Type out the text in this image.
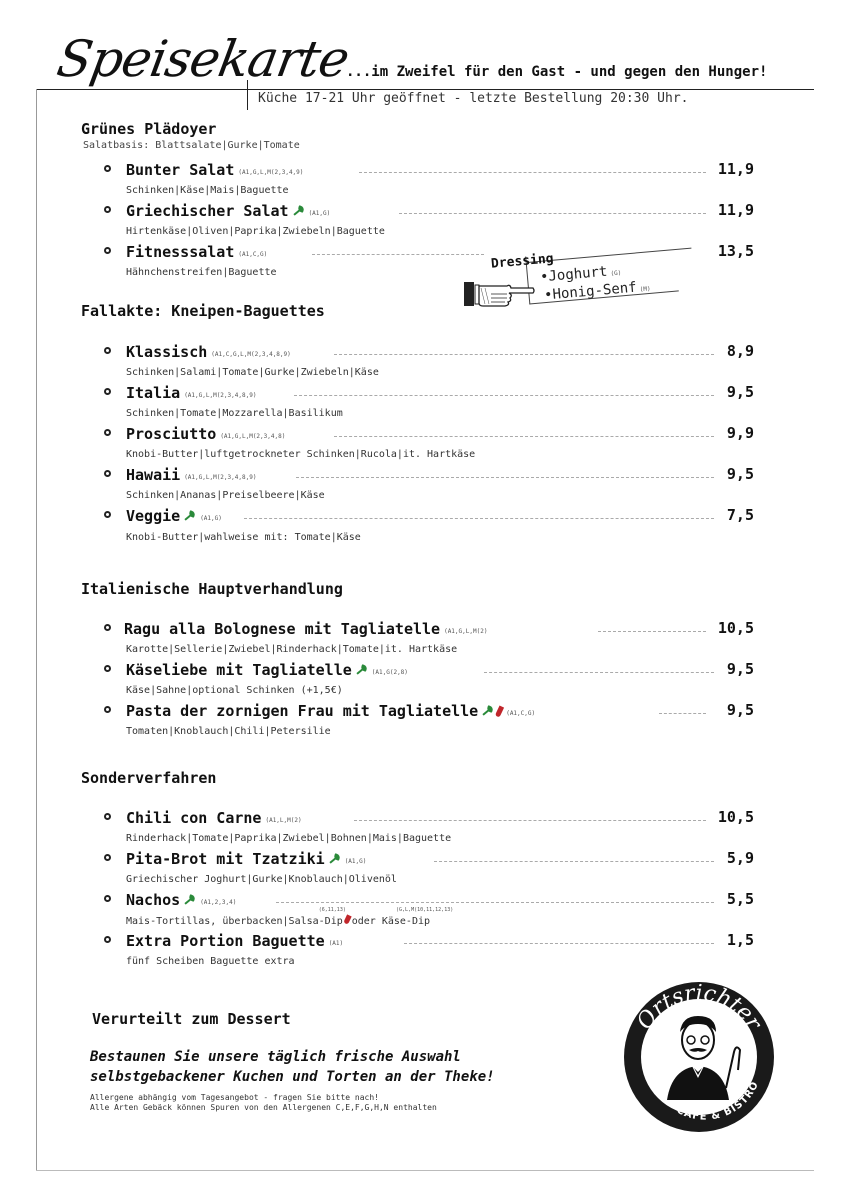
Speisekarte
...im Zweifel für den Gast - und gegen den Hunger!
Küche 17-21 Uhr geöffnet - letzte Bestellung 20:30 Uhr.
Grünes Plädoyer
Salatbasis: Blattsalate|Gurke|Tomate
Bunter Salat (A1,G,L,M(2,3,4,9)	11,9
Schinken|Käse|Mais|Baguette
Griechischer Salat	(A1,G)	11,9
Hirtenkäse|Oliven|Paprika|Zwiebeln|Baguette
Fitnesssalat (A1,C,G)	13,5
Hähnchenstreifen|Baguette
Dressing
•Joghurt (G)
•Honig-Senf (M)
Fallakte: Kneipen-Baguettes
Klassisch (A1,C,G,L,M(2,3,4,8,9)	8,9
Schinken|Salami|Tomate|Gurke|Zwiebeln|Käse
Italia (A1,G,L,M(2,3,4,8,9)	9,5
Schinken|Tomate|Mozzarella|Basilikum
Prosciutto (A1,G,L,M(2,3,4,8)	9,9
Knobi-Butter|luftgetrockneter Schinken|Rucola|it. Hartkäse
Hawaii (A1,G,L,M(2,3,4,8,9)	9,5
Schinken|Ananas|Preiselbeere|Käse
Veggie	(A1,G)	7,5
Knobi-Butter|wahlweise mit: Tomate|Käse
Italienische Hauptverhandlung
Ragu alla Bolognese mit Tagliatelle (A1,G,L,M(2)	10,5
Karotte|Sellerie|Zwiebel|Rinderhack|Tomate|it. Hartkäse
Käseliebe mit Tagliatelle	(A1,G(2,8)	9,5
Käse|Sahne|optional Schinken (+1,5€)
Pasta der zornigen Frau mit Tagliatelle	(A1,C,G)	9,5
Tomaten|Knoblauch|Chili|Petersilie
Sonderverfahren
Chili con Carne (A1,L,M(2)	10,5
Rinderhack|Tomate|Paprika|Zwiebel|Bohnen|Mais|Baguette
Pita-Brot mit Tzatziki	(A1,G)	5,9
Griechischer Joghurt|Gurke|Knoblauch|Olivenöl
Nachos	(A1,2,3,4)	5,5
Mais-Tortillas, überbacken|Salsa-Dip
(6,11,13)
oder Käse-Dip
(G,L,M(10,11,12,13)
Extra Portion Baguette (A1)	1,5
fünf Scheiben Baguette extra
Verurteilt zum Dessert
Bestaunen Sie unsere täglich frische Auswahl
selbstgebackener Kuchen und Torten an der Theke!
Allergene abhängig vom Tagesangebot - fragen Sie bitte nach!
Alle Arten Gebäck können Spuren von den Allergenen C,E,F,G,H,N enthalten
Ortsrichter
CAFÉ & BISTRO
